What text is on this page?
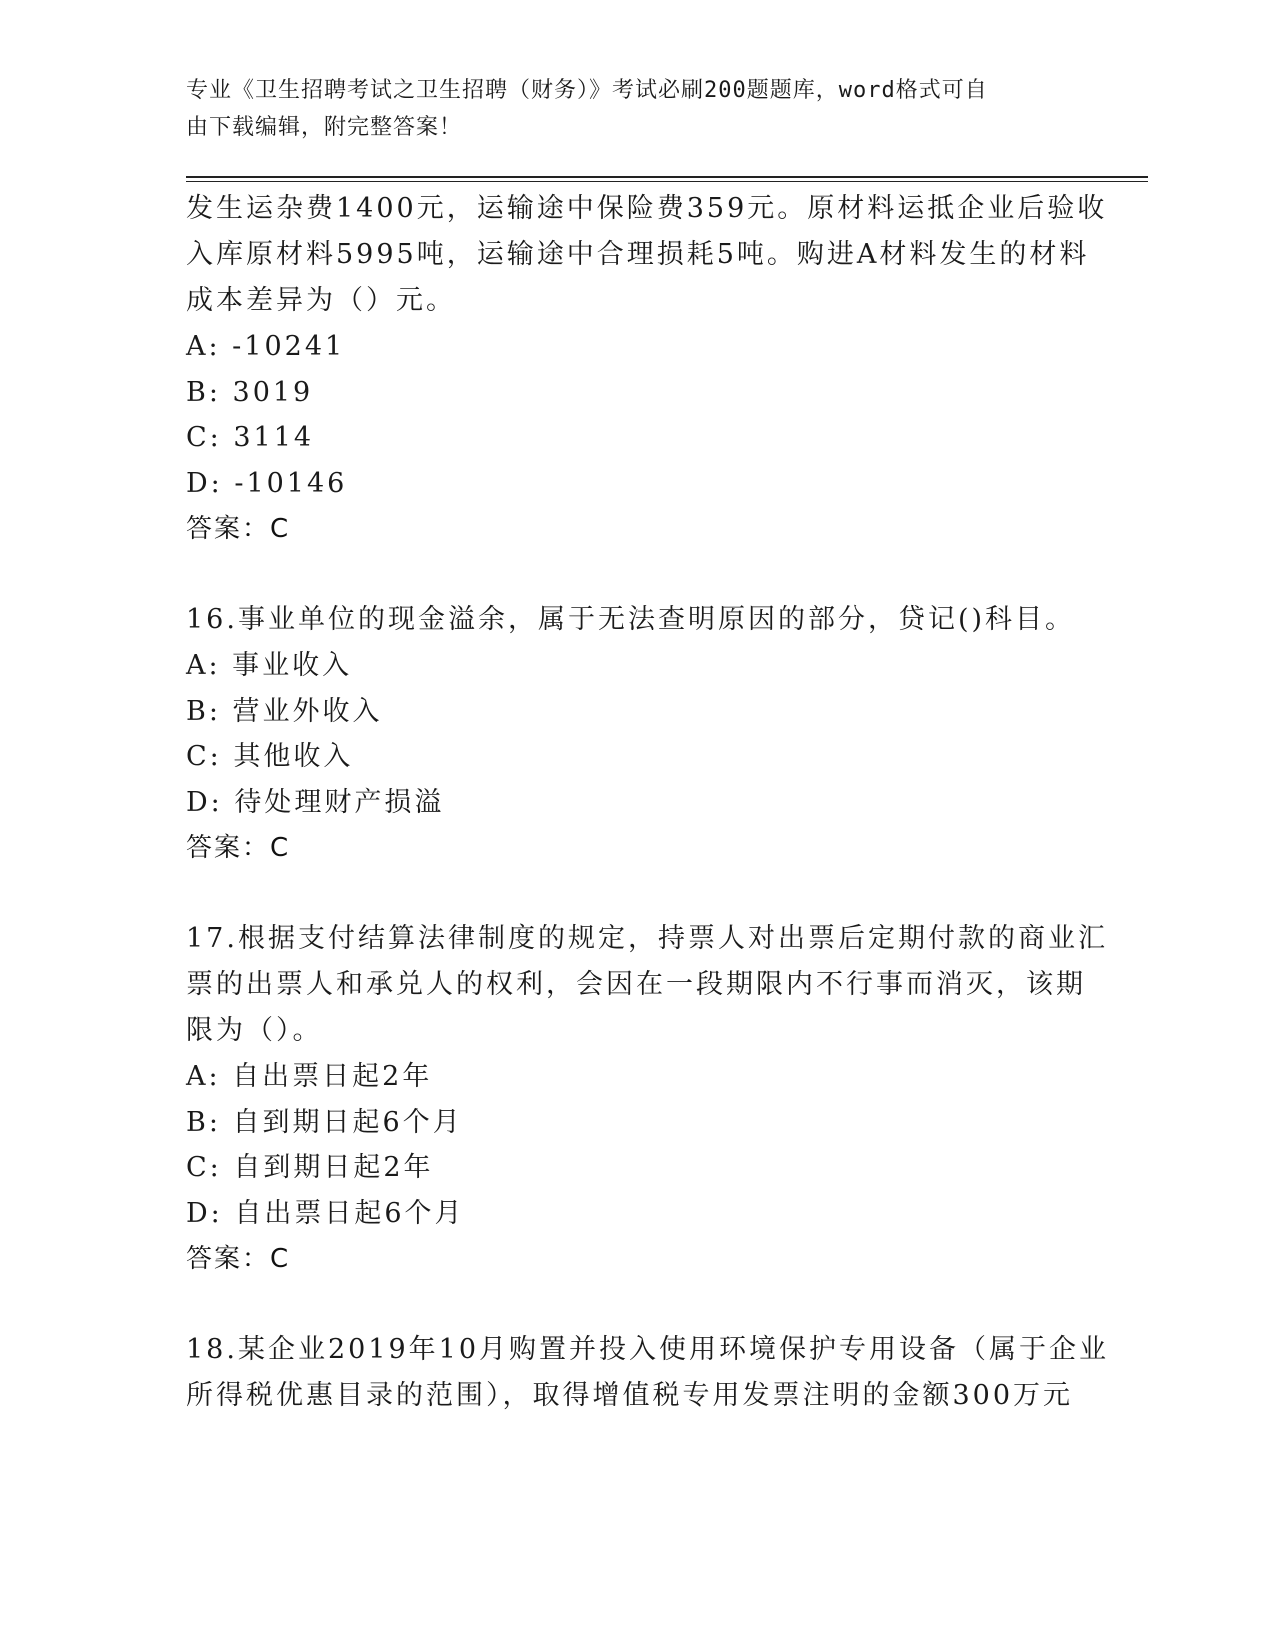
专业《卫生招聘考试之卫生招聘（财务）》考试必刷200题题库，word格式可自
由下载编辑，附完整答案！
发生运杂费1400元，运输途中保险费359元。原材料运抵企业后验收
入库原材料5995吨，运输途中合理损耗5吨。购进A材料发生的材料
成本差异为（）元。
A: -10241
B: 3019
C: 3114
D: -10146
答案：C
16.事业单位的现金溢余，属于无法查明原因的部分，贷记()科目。
A: 事业收入
B: 营业外收入
C: 其他收入
D: 待处理财产损溢
答案：C
17.根据支付结算法律制度的规定，持票人对出票后定期付款的商业汇
票的出票人和承兑人的权利，会因在一段期限内不行事而消灭，该期
限为（）。
A: 自出票日起2年
B: 自到期日起6个月
C: 自到期日起2年
D: 自出票日起6个月
答案：C
18.某企业2019年10月购置并投入使用环境保护专用设备（属于企业
所得税优惠目录的范围），取得增值税专用发票注明的金额300万元
